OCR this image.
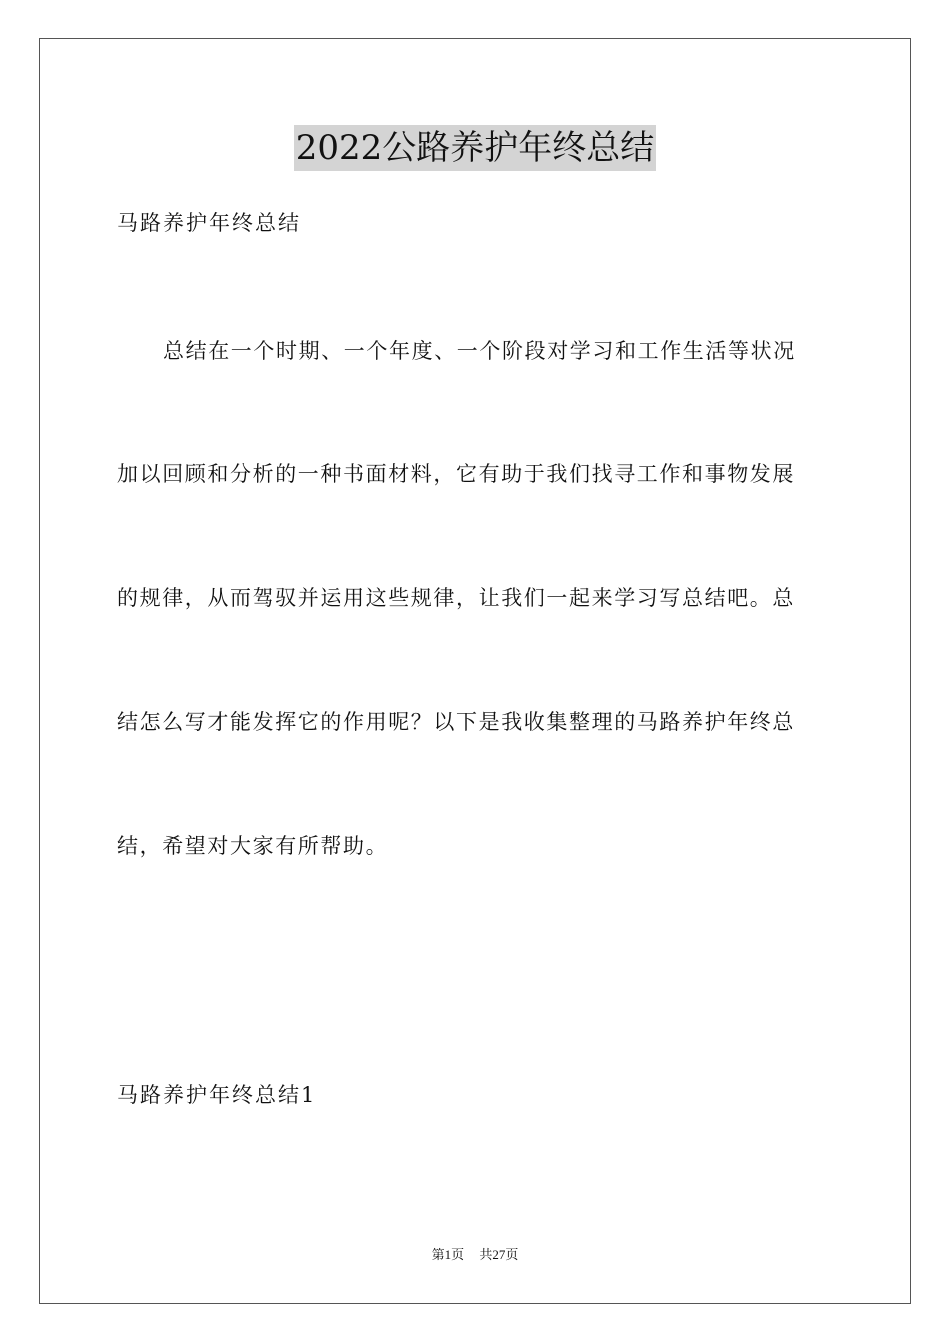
2022公路养护年终总结
马路养护年终总结
总结在一个时期、一个年度、一个阶段对学习和工作生活等状况
加以回顾和分析的一种书面材料，它有助于我们找寻工作和事物发展
的规律，从而驾驭并运用这些规律，让我们一起来学习写总结吧。总
结怎么写才能发挥它的作用呢？以下是我收集整理的马路养护年终总
结，希望对大家有所帮助。
马路养护年终总结1
第1页 共27页
